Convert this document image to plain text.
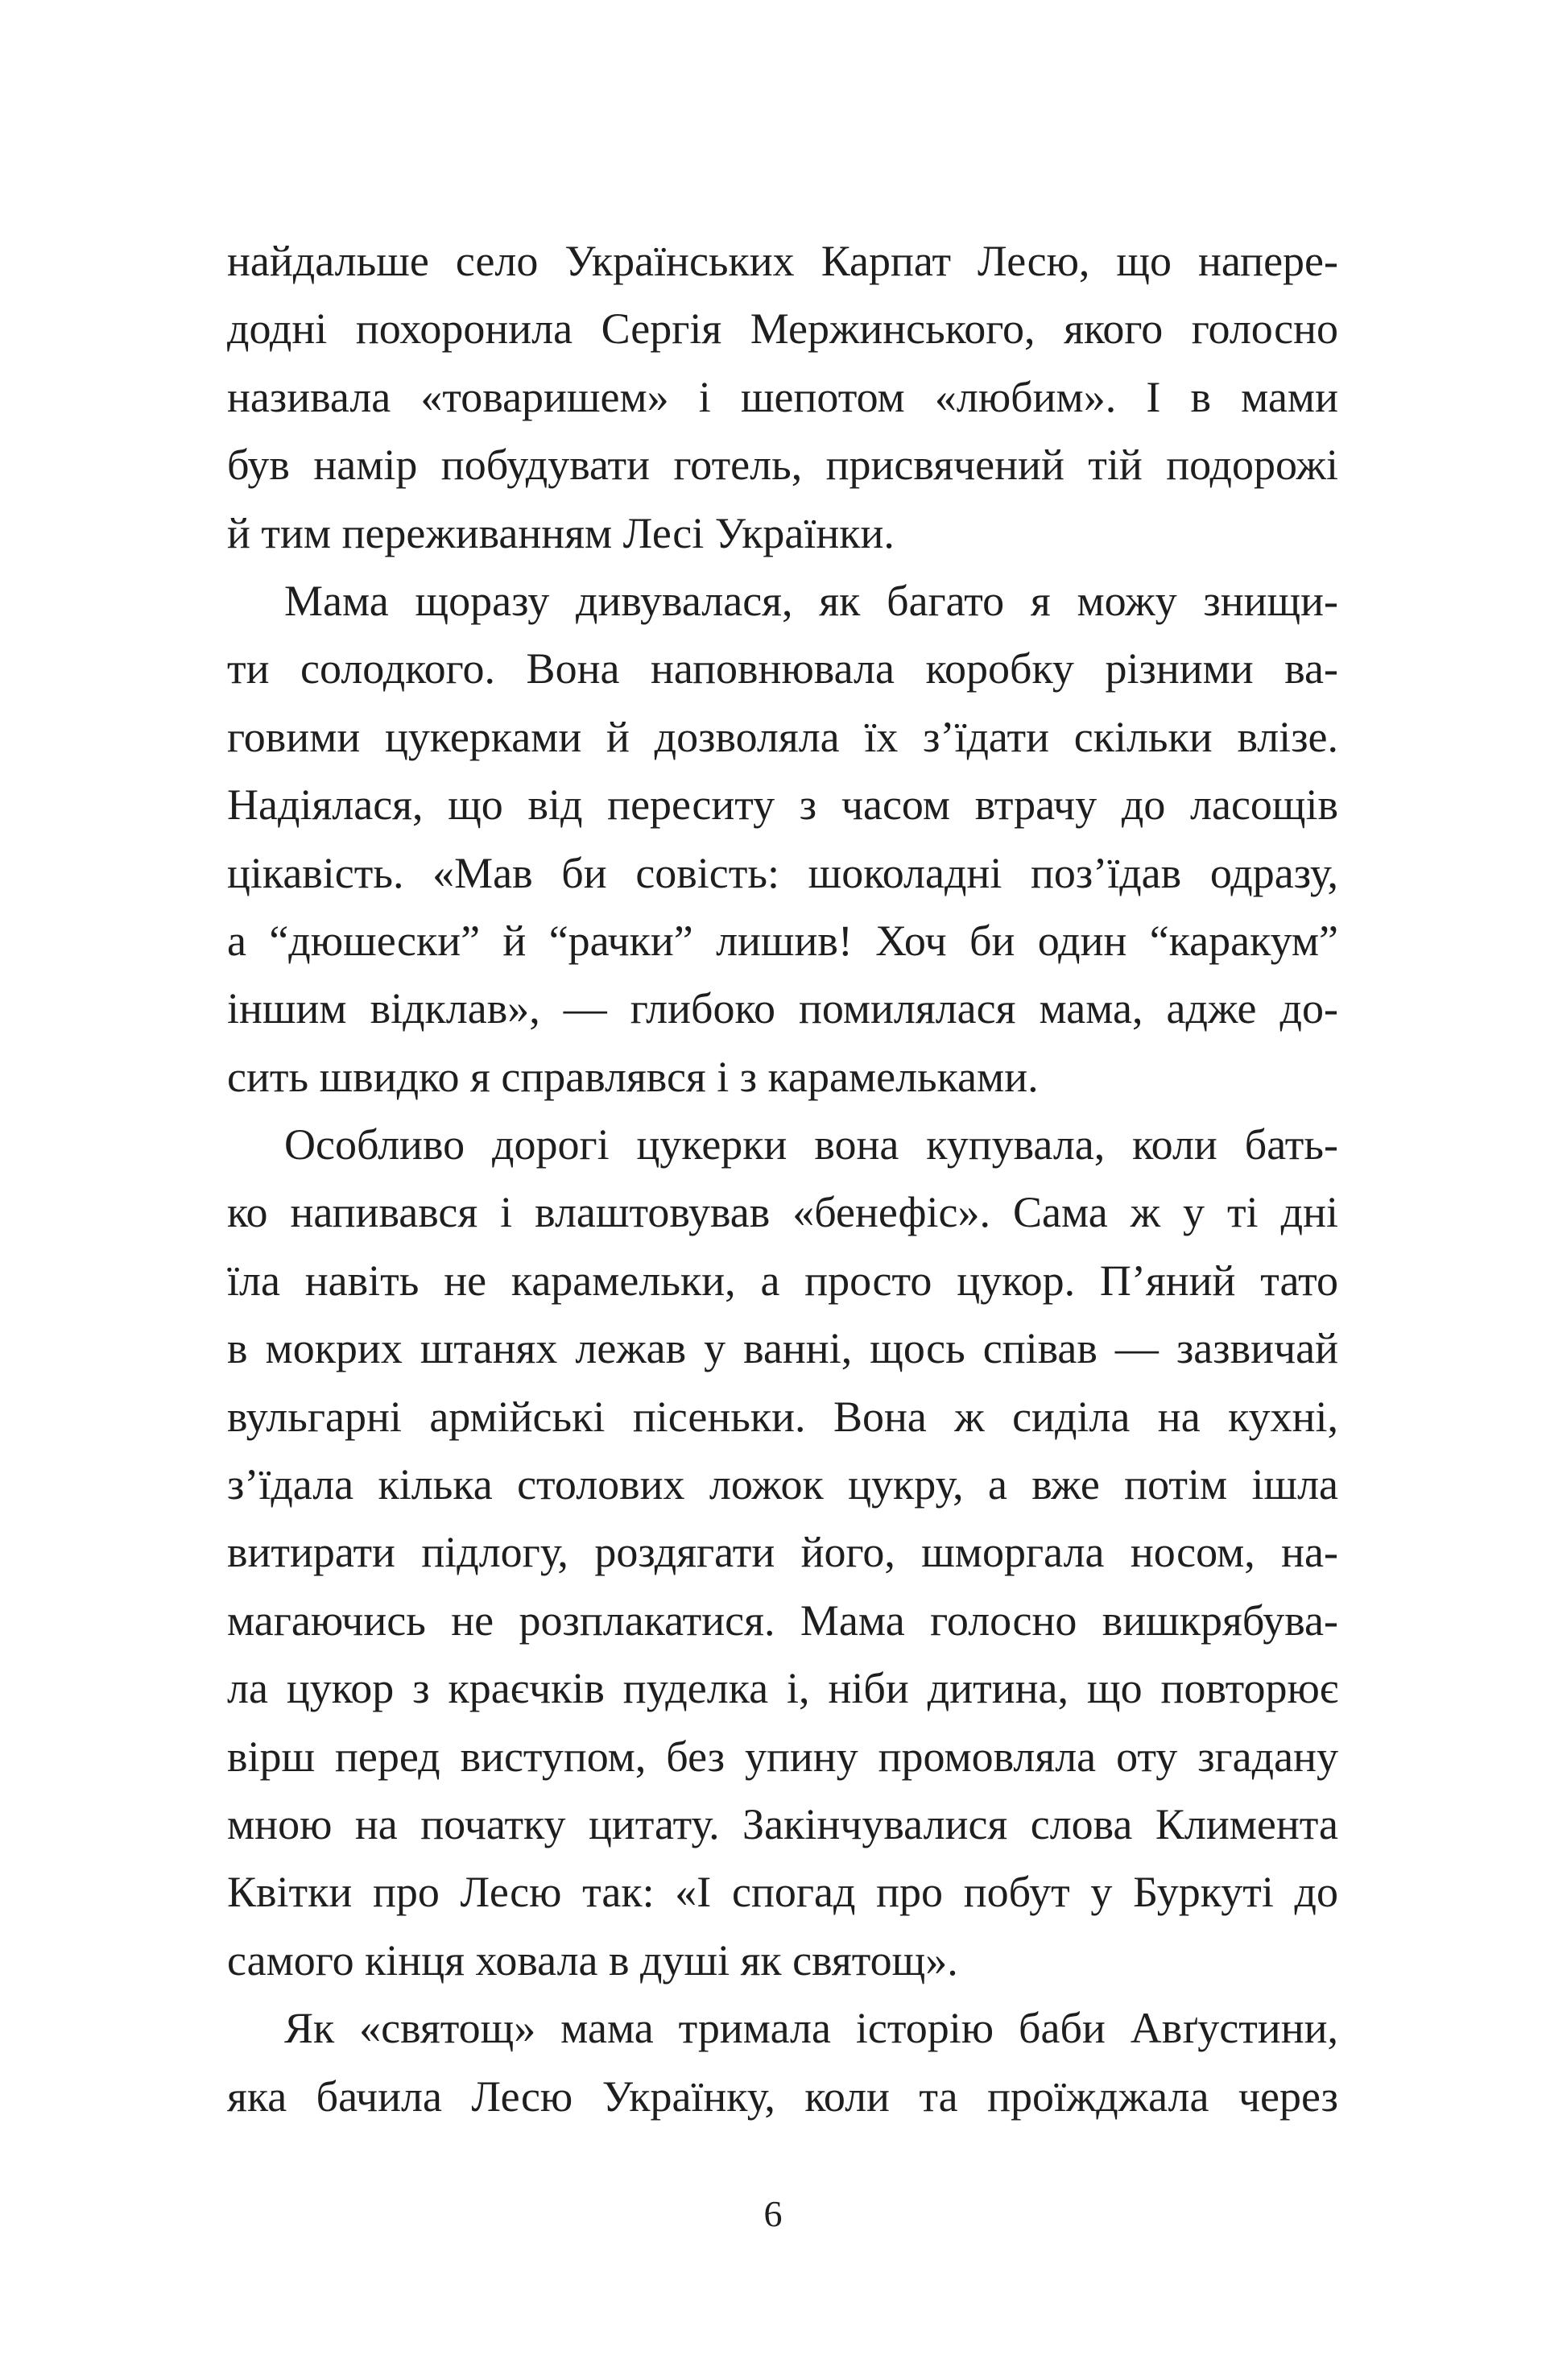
найдальше село Українських Карпат Лесю, що напере-
додні похоронила Сергія Мержинського, якого голосно
називала «товаришем» і шепотом «любим». І в мами
був намір побудувати готель, присвячений тій подорожі
й тим переживанням Лесі Українки.
Мама щоразу дивувалася, як багато я можу знищи-
ти солодкого. Вона наповнювала коробку різними ва-
говими цукерками й дозволяла їх з’їдати скільки влізе.
Надіялася, що від переситу з часом втрачу до ласощів
цікавість. «Мав би совість: шоколадні поз’їдав одразу,
а “дюшески” й “рачки” лишив! Хоч би один “каракум”
іншим відклав», — глибоко помилялася мама, адже до-
сить швидко я справлявся і з карамельками.
Особливо дорогі цукерки вона купувала, коли бать-
ко напивався і влаштовував «бенефіс». Сама ж у ті дні
їла навіть не карамельки, а просто цукор. П’яний тато
в мокрих штанях лежав у ванні, щось співав — зазвичай
вульгарні армійські пісеньки. Вона ж сиділа на кухні,
з’їдала кілька столових ложок цукру, а вже потім ішла
витирати підлогу, роздягати його, шморгала носом, на-
магаючись не розплакатися. Мама голосно вишкрябува-
ла цукор з краєчків пуделка і, ніби дитина, що повторює
вірш перед виступом, без упину промовляла оту згадану
мною на початку цитату. Закінчувалися слова Климента
Квітки про Лесю так: «І спогад про побут у Буркуті до
самого кінця ховала в душі як святощ».
Як «святощ» мама тримала історію баби Авґустини,
яка бачила Лесю Українку, коли та проїжджала через
6
